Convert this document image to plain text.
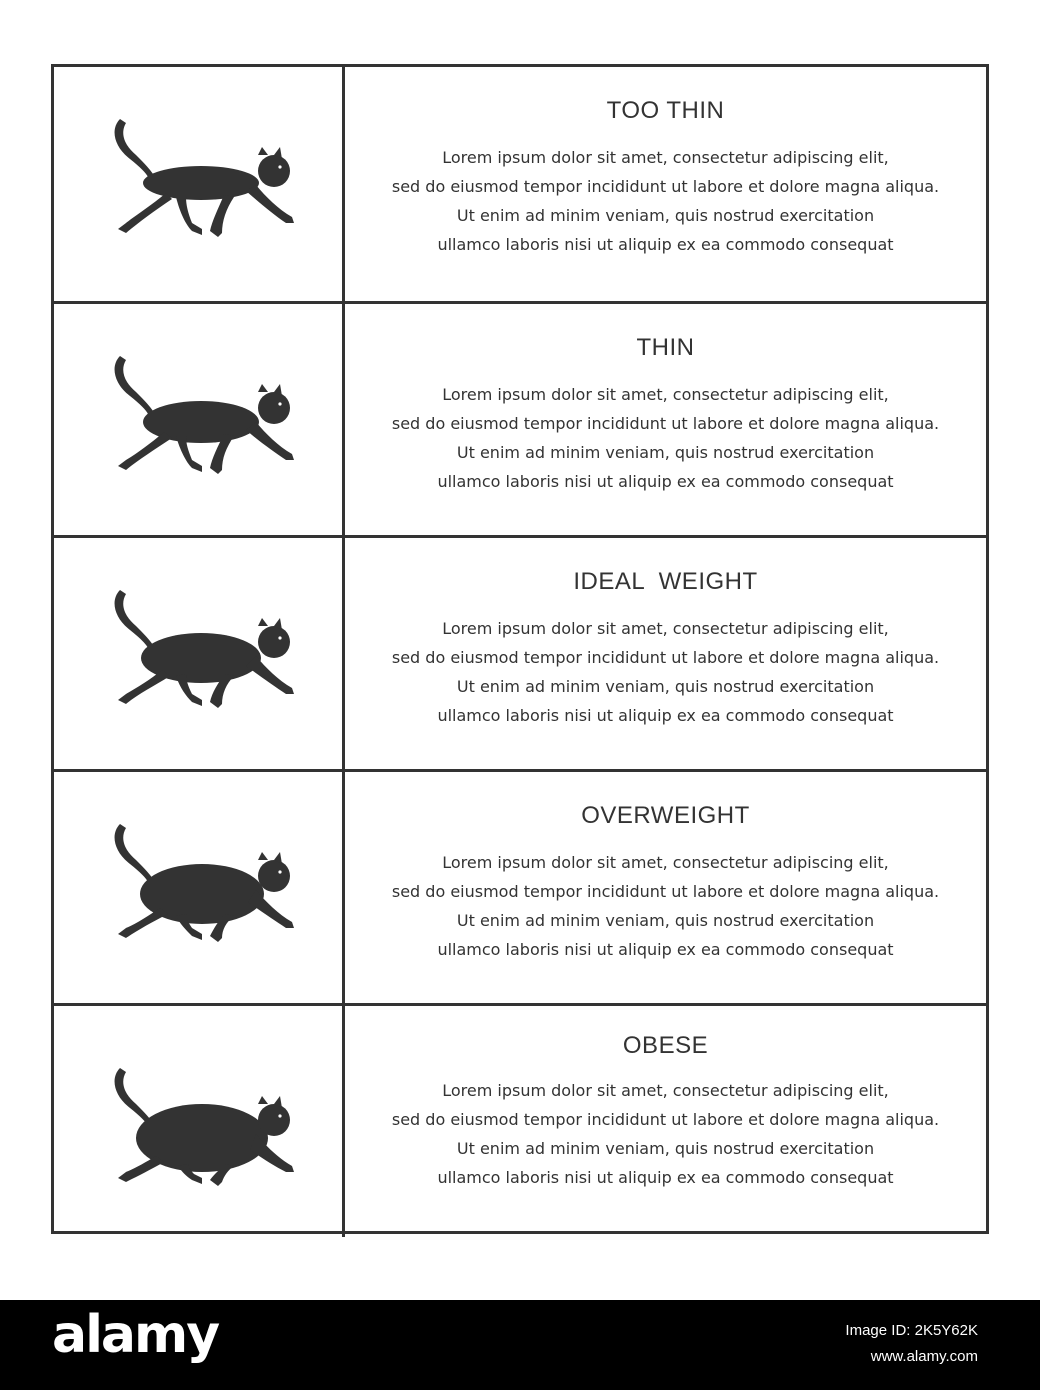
TOO THIN
Lorem ipsum dolor sit amet, consectetur adipiscing elit,
sed do eiusmod tempor incididunt ut labore et dolore magna aliqua.
Ut enim ad minim veniam, quis nostrud exercitation
ullamco laboris nisi ut aliquip ex ea commodo consequat
THIN
Lorem ipsum dolor sit amet, consectetur adipiscing elit,
sed do eiusmod tempor incididunt ut labore et dolore magna aliqua.
Ut enim ad minim veniam, quis nostrud exercitation
ullamco laboris nisi ut aliquip ex ea commodo consequat
IDEAL  WEIGHT
Lorem ipsum dolor sit amet, consectetur adipiscing elit,
sed do eiusmod tempor incididunt ut labore et dolore magna aliqua.
Ut enim ad minim veniam, quis nostrud exercitation
ullamco laboris nisi ut aliquip ex ea commodo consequat
OVERWEIGHT
Lorem ipsum dolor sit amet, consectetur adipiscing elit,
sed do eiusmod tempor incididunt ut labore et dolore magna aliqua.
Ut enim ad minim veniam, quis nostrud exercitation
ullamco laboris nisi ut aliquip ex ea commodo consequat
OBESE
Lorem ipsum dolor sit amet, consectetur adipiscing elit,
sed do eiusmod tempor incididunt ut labore et dolore magna aliqua.
Ut enim ad minim veniam, quis nostrud exercitation
ullamco laboris nisi ut aliquip ex ea commodo consequat
alamy	Image ID: 2K5Y62K
www.alamy.com
